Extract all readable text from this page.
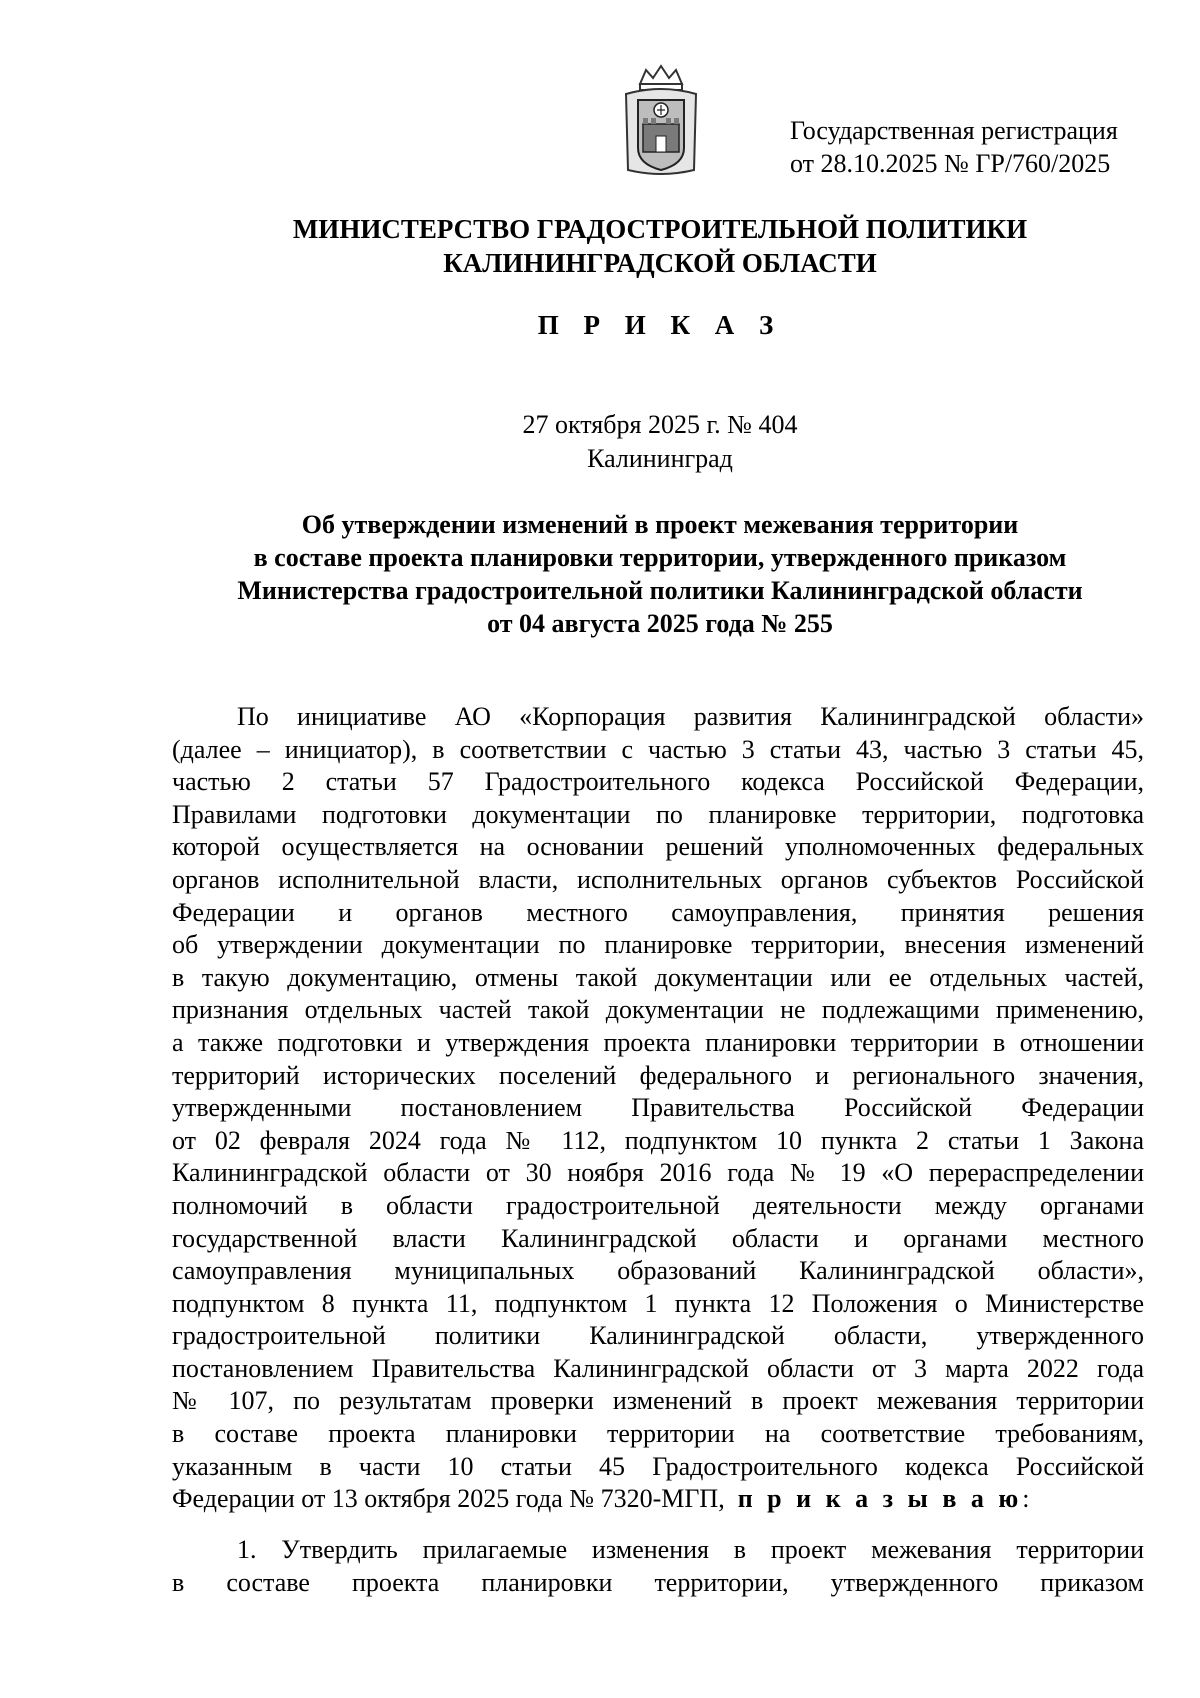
Государственная регистрация
от 28.10.2025 № ГР/760/2025
МИНИСТЕРСТВО ГРАДОСТРОИТЕЛЬНОЙ ПОЛИТИКИ
КАЛИНИНГРАДСКОЙ ОБЛАСТИ
П Р И К А З
27 октября 2025 г. № 404
Калининград
Об утверждении изменений в проект межевания территории
в составе проекта планировки территории, утвержденного приказом
Министерства градостроительной политики Калининградской области
от 04 августа 2025 года № 255
По инициативе АО «Корпорация развития Калининградской области»
(далее – инициатор), в соответствии с частью 3 статьи 43, частью 3 статьи 45,
частью 2 статьи 57 Градостроительного кодекса Российской Федерации,
Правилами подготовки документации по планировке территории, подготовка
которой осуществляется на основании решений уполномоченных федеральных
органов исполнительной власти, исполнительных органов субъектов Российской
Федерации и органов местного самоуправления, принятия решения
об утверждении документации по планировке территории, внесения изменений
в такую документацию, отмены такой документации или ее отдельных частей,
признания отдельных частей такой документации не подлежащими применению,
а также подготовки и утверждения проекта планировки территории в отношении
территорий исторических поселений федерального и регионального значения,
утвержденными постановлением Правительства Российской Федерации
от 02 февраля 2024 года № 112, подпунктом 10 пункта 2 статьи 1 Закона
Калининградской области от 30 ноября 2016 года № 19 «О перераспределении
полномочий в области градостроительной деятельности между органами
государственной власти Калининградской области и органами местного
самоуправления муниципальных образований Калининградской области»,
подпунктом 8 пункта 11, подпунктом 1 пункта 12 Положения о Министерстве
градостроительной политики Калининградской области, утвержденного
постановлением Правительства Калининградской области от 3 марта 2022 года
№ 107, по результатам проверки изменений в проект межевания территории
в составе проекта планировки территории на соответствие требованиям,
указанным в части 10 статьи 45 Градостроительного кодекса Российской
Федерации от 13 октября 2025 года № 7320-МГП, п р и к а з ы в а ю:
1. Утвердить прилагаемые изменения в проект межевания территории
в составе проекта планировки территории, утвержденного приказом
